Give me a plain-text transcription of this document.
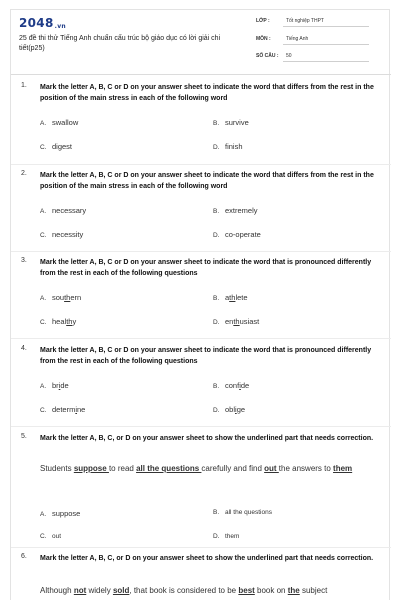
2048.vn
25 đề thi thử Tiếng Anh chuẩn cấu trúc bộ giáo dục có lời giải chi tiết(p25)
LỚP :	Tốt nghiệp THPT
MÔN :	Tiếng Anh
SỐ CÂU : 50
1. Mark the letter A, B, C or D on your answer sheet to indicate the word that differs from the rest in the position of the main stress in each of the following word
A. swallow	B. survive
C. digest	D. finish
2. Mark the letter A, B, C or D on your answer sheet to indicate the word that differs from the rest in the position of the main stress in each of the following word
A. necessary	B. extremely
C. necessity	D. co-operate
3. Mark the letter A, B, C or D on your answer sheet to indicate the word that is pronounced differently from the rest in each of the following questions
A. southern	B. athlete
C. healthy	D. enthusiast
4. Mark the letter A, B, C or D on your answer sheet to indicate the word that is pronounced differently from the rest in each of the following questions
A. bride	B. confide
C. determine	D. oblige
5. Mark the letter A, B, C, or D on your answer sheet to show the underlined part that needs correction.
Students suppose to read all the questions carefully and find out the answers to them
A. suppose	B. all the questions
C. out	D. them
6. Mark the letter A, B, C, or D on your answer sheet to show the underlined part that needs correction.
Although not widely sold, that book is considered to be best book on the subject
